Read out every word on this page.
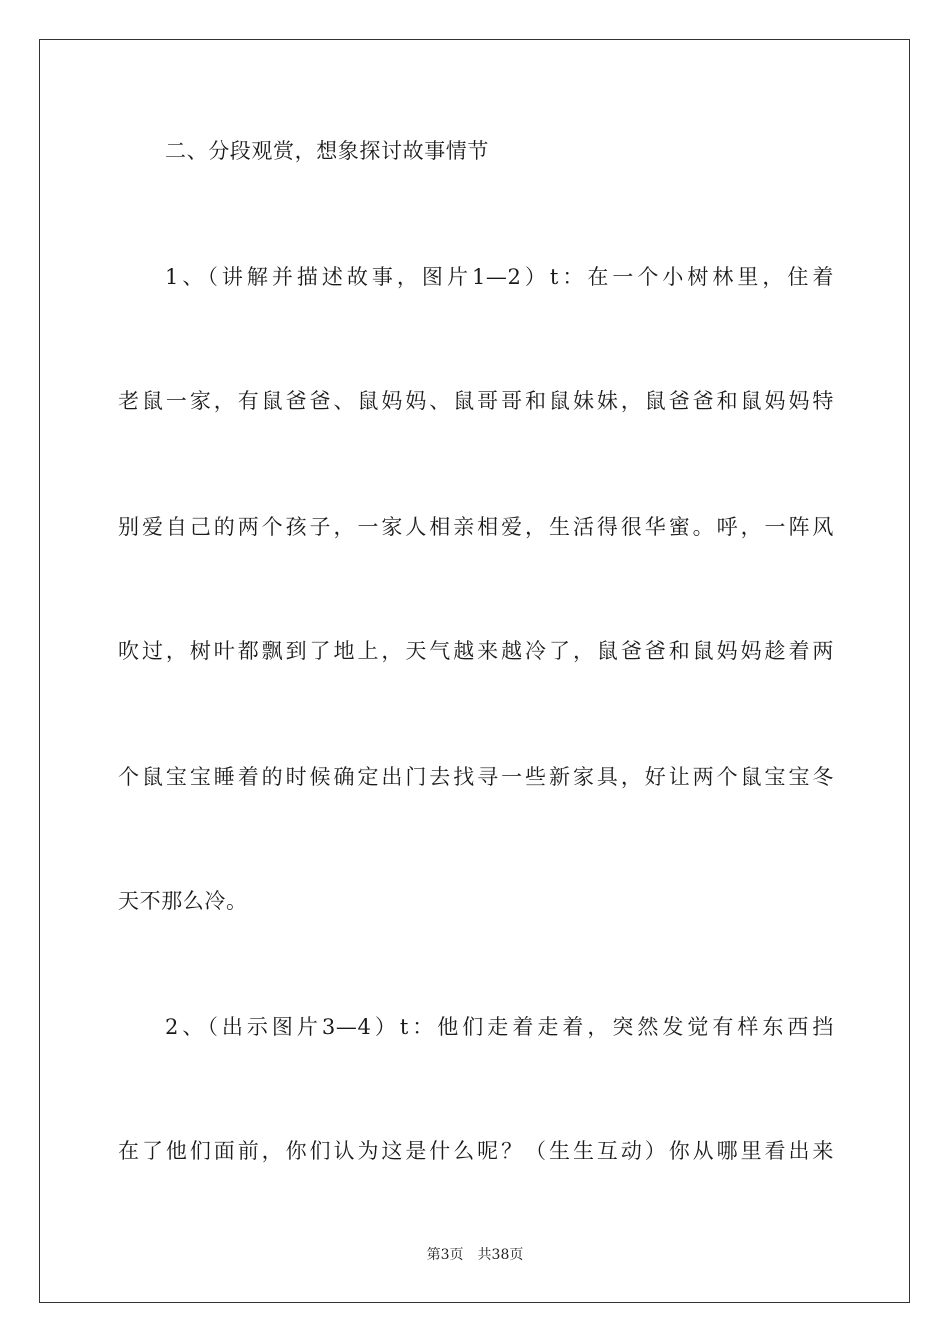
二、分段观赏，想象探讨故事情节
1、（讲解并描述故事，图片1—2）t：在一个小树林里，住着
老鼠一家，有鼠爸爸、鼠妈妈、鼠哥哥和鼠妹妹，鼠爸爸和鼠妈妈特
别爱自己的两个孩子，一家人相亲相爱，生活得很华蜜。呼，一阵风
吹过，树叶都飘到了地上，天气越来越冷了，鼠爸爸和鼠妈妈趁着两
个鼠宝宝睡着的时候确定出门去找寻一些新家具，好让两个鼠宝宝冬
天不那么冷。
2、（出示图片3—4）t：他们走着走着，突然发觉有样东西挡
在了他们面前，你们认为这是什么呢？（生生互动）你从哪里看出来
第3页 共38页
